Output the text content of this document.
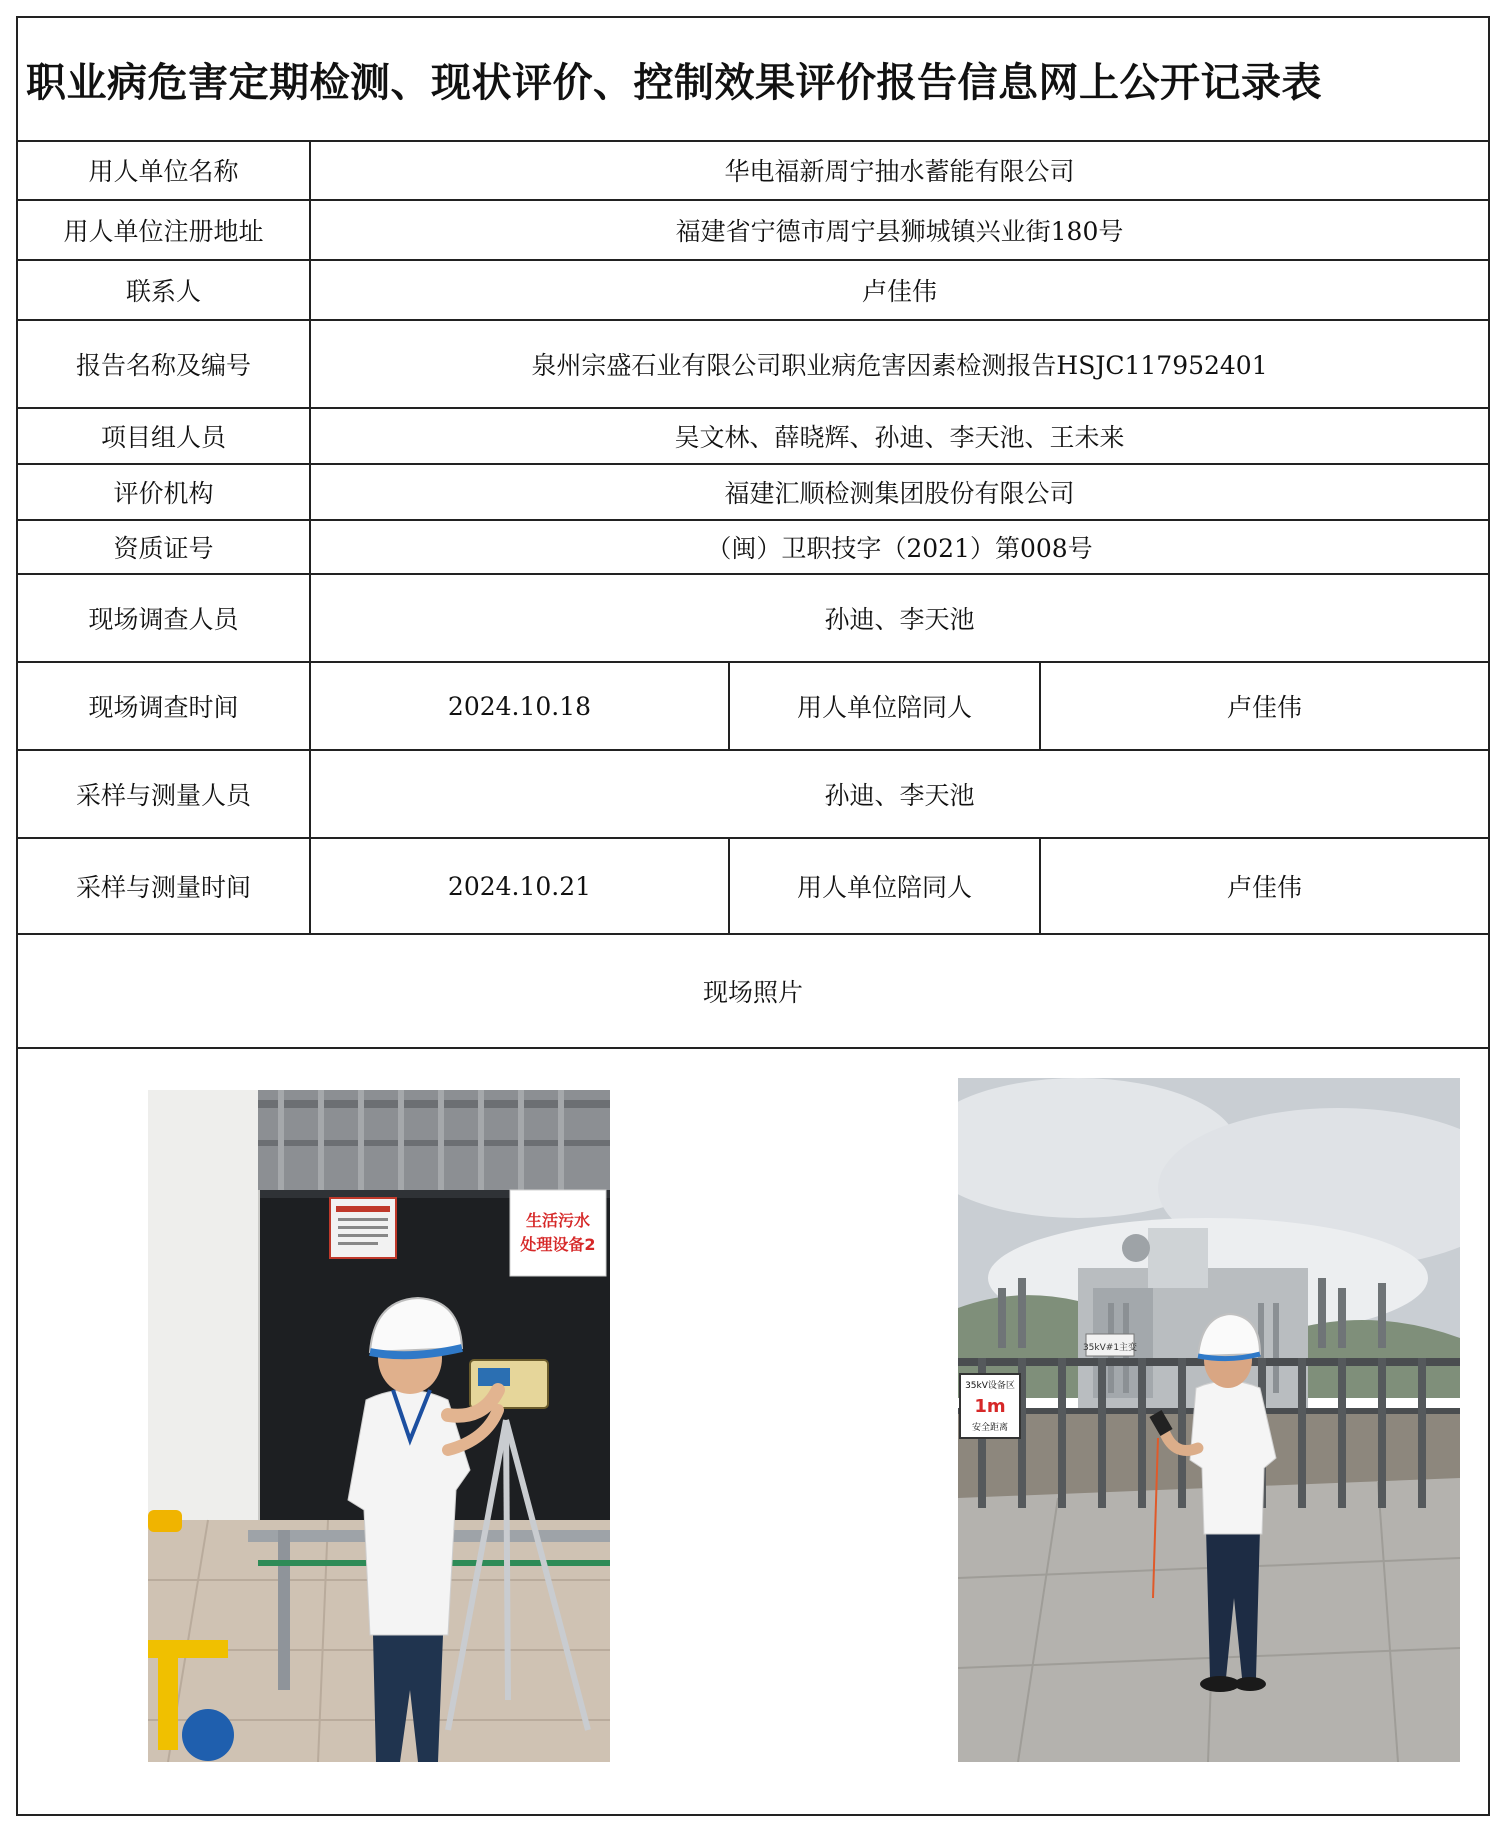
职业病危害定期检测、现状评价、控制效果评价报告信息网上公开记录表
用人单位名称	华电福新周宁抽水蓄能有限公司		
用人单位注册地址	福建省宁德市周宁县狮城镇兴业街180号		
联系人	卢佳伟		
报告名称及编号	泉州宗盛石业有限公司职业病危害因素检测报告HSJC117952401		
项目组人员	吴文林、薛晓辉、孙迪、李天池、王未来		
评价机构	福建汇顺检测集团股份有限公司		
资质证号	（闽）卫职技字（2021）第008号		
现场调查人员	孙迪、李天池		
现场调查时间	2024.10.18	用人单位陪同人	卢佳伟
采样与测量人员	孙迪、李天池		
采样与测量时间	2024.10.21	用人单位陪同人	卢佳伟
现场照片			
生活污水
处理设备2
35kV#1主变
35kV设备区
1m
安全距离
